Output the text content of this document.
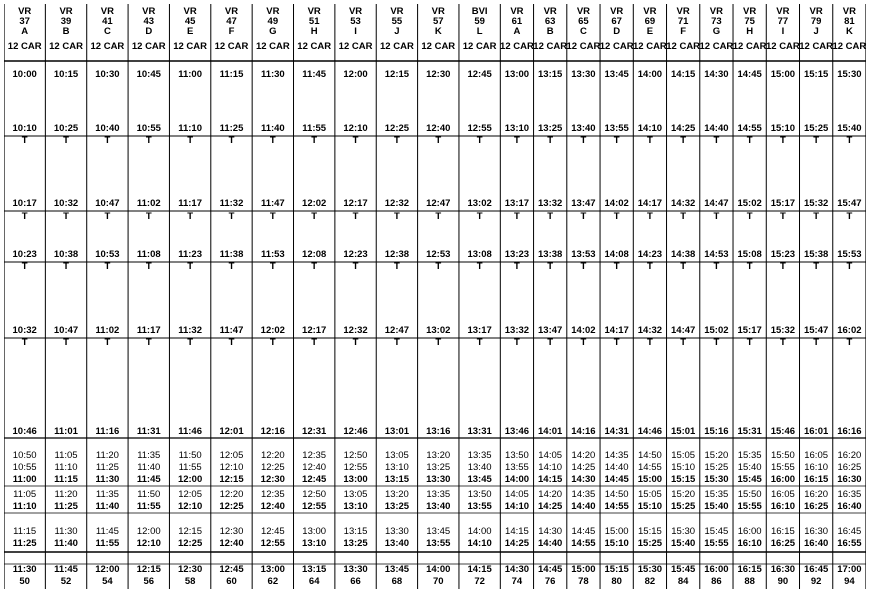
VR
37
A
12 CAR
10:00
10:10
10:17
10:23
10:32
10:46
10:50
10:55
11:00
11:05
11:10
11:15
11:25
11:30
T
T
T
T
50
VR
39
B
12 CAR
10:15
10:25
10:32
10:38
10:47
11:01
11:05
11:10
11:15
11:20
11:25
11:30
11:40
11:45
T
T
T
T
52
VR
41
C
12 CAR
10:30
10:40
10:47
10:53
11:02
11:16
11:20
11:25
11:30
11:35
11:40
11:45
11:55
12:00
T
T
T
T
54
VR
43
D
12 CAR
10:45
10:55
11:02
11:08
11:17
11:31
11:35
11:40
11:45
11:50
11:55
12:00
12:10
12:15
T
T
T
T
56
VR
45
E
12 CAR
11:00
11:10
11:17
11:23
11:32
11:46
11:50
11:55
12:00
12:05
12:10
12:15
12:25
12:30
T
T
T
T
58
VR
47
F
12 CAR
11:15
11:25
11:32
11:38
11:47
12:01
12:05
12:10
12:15
12:20
12:25
12:30
12:40
12:45
T
T
T
T
60
VR
49
G
12 CAR
11:30
11:40
11:47
11:53
12:02
12:16
12:20
12:25
12:30
12:35
12:40
12:45
12:55
13:00
T
T
T
T
62
VR
51
H
12 CAR
11:45
11:55
12:02
12:08
12:17
12:31
12:35
12:40
12:45
12:50
12:55
13:00
13:10
13:15
T
T
T
T
64
VR
53
I
12 CAR
12:00
12:10
12:17
12:23
12:32
12:46
12:50
12:55
13:00
13:05
13:10
13:15
13:25
13:30
T
T
T
T
66
VR
55
J
12 CAR
12:15
12:25
12:32
12:38
12:47
13:01
13:05
13:10
13:15
13:20
13:25
13:30
13:40
13:45
T
T
T
T
68
VR
57
K
12 CAR
12:30
12:40
12:47
12:53
13:02
13:16
13:20
13:25
13:30
13:35
13:40
13:45
13:55
14:00
T
T
T
T
70
BVI
59
L
12 CAR
12:45
12:55
13:02
13:08
13:17
13:31
13:35
13:40
13:45
13:50
13:55
14:00
14:10
14:15
T
T
T
T
72
VR
61
A
12 CAR
13:00
13:10
13:17
13:23
13:32
13:46
13:50
13:55
14:00
14:05
14:10
14:15
14:25
14:30
T
T
T
T
74
VR
63
B
12 CAR
13:15
13:25
13:32
13:38
13:47
14:01
14:05
14:10
14:15
14:20
14:25
14:30
14:40
14:45
T
T
T
T
76
VR
65
C
12 CAR
13:30
13:40
13:47
13:53
14:02
14:16
14:20
14:25
14:30
14:35
14:40
14:45
14:55
15:00
T
T
T
T
78
VR
67
D
12 CAR
13:45
13:55
14:02
14:08
14:17
14:31
14:35
14:40
14:45
14:50
14:55
15:00
15:10
15:15
T
T
T
T
80
VR
69
E
12 CAR
14:00
14:10
14:17
14:23
14:32
14:46
14:50
14:55
15:00
15:05
15:10
15:15
15:25
15:30
T
T
T
T
82
VR
71
F
12 CAR
14:15
14:25
14:32
14:38
14:47
15:01
15:05
15:10
15:15
15:20
15:25
15:30
15:40
15:45
T
T
T
T
84
VR
73
G
12 CAR
14:30
14:40
14:47
14:53
15:02
15:16
15:20
15:25
15:30
15:35
15:40
15:45
15:55
16:00
T
T
T
T
86
VR
75
H
12 CAR
14:45
14:55
15:02
15:08
15:17
15:31
15:35
15:40
15:45
15:50
15:55
16:00
16:10
16:15
T
T
T
T
88
VR
77
I
12 CAR
15:00
15:10
15:17
15:23
15:32
15:46
15:50
15:55
16:00
16:05
16:10
16:15
16:25
16:30
T
T
T
T
90
VR
79
J
12 CAR
15:15
15:25
15:32
15:38
15:47
16:01
16:05
16:10
16:15
16:20
16:25
16:30
16:40
16:45
T
T
T
T
92
VR
81
K
12 CAR
15:30
15:40
15:47
15:53
16:02
16:16
16:20
16:25
16:30
16:35
16:40
16:45
16:55
17:00
T
T
T
T
94
